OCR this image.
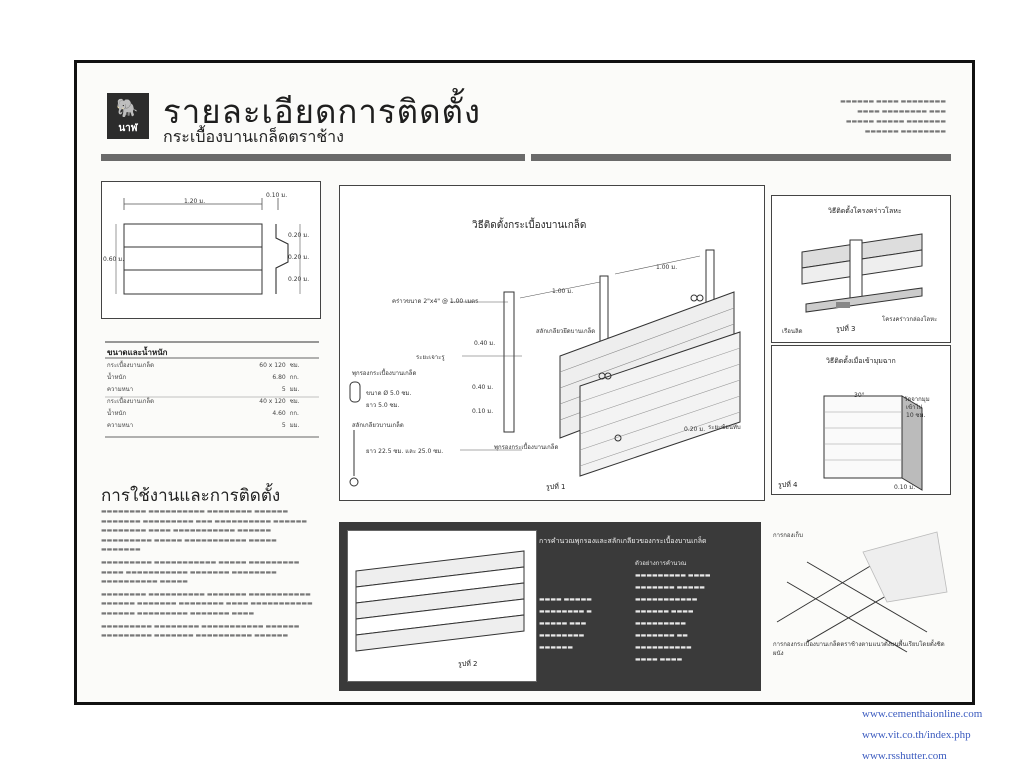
🐘
นาฬ รายละเอียดการติดตั้ง
กระเบื้องบานเกล็ดตราช้าง
▬▬▬▬▬▬ ▬▬▬▬ ▬▬▬▬▬▬▬▬
▬▬▬▬ ▬▬▬▬▬▬▬▬ ▬▬▬
▬▬▬▬▬ ▬▬▬▬▬ ▬▬▬▬▬▬▬
▬▬▬▬▬▬ ▬▬▬▬▬▬▬▬
1.20 ม.
0.10 ม.
0.20 ม.
0.20 ม.
0.20 ม.
0.60 ม.
ขนาดและน้ำหนัก
กระเบื้องบานเกล็ด	60 x 120	ซม.
น้ำหนัก	6.80	กก.
ความหนา	5	มม.
กระเบื้องบานเกล็ด	40 x 120	ซม.
น้ำหนัก	4.60	กก.
ความหนา	5	มม.
การใช้งานและการติดตั้ง

▬▬▬▬▬▬▬▬ ▬▬▬▬▬▬▬▬▬▬ ▬▬▬▬▬▬▬▬ ▬▬▬▬▬▬ ▬▬▬▬▬▬▬ ▬▬▬▬▬▬▬▬▬ ▬▬▬ ▬▬▬▬▬▬▬▬▬▬ ▬▬▬▬▬▬ ▬▬▬▬▬▬▬▬ ▬▬▬▬ ▬▬▬▬▬▬▬▬▬▬▬ ▬▬▬▬▬▬ ▬▬▬▬▬▬▬▬▬ ▬▬▬▬▬ ▬▬▬▬▬▬▬▬▬▬▬ ▬▬▬▬▬ ▬▬▬▬▬▬▬

▬▬▬▬▬▬▬▬▬ ▬▬▬▬▬▬▬▬▬▬▬ ▬▬▬▬▬ ▬▬▬▬▬▬▬▬▬ ▬▬▬▬ ▬▬▬▬▬▬▬▬▬▬▬ ▬▬▬▬▬▬▬ ▬▬▬▬▬▬▬▬ ▬▬▬▬▬▬▬▬▬▬ ▬▬▬▬▬

▬▬▬▬▬▬▬▬ ▬▬▬▬▬▬▬▬▬▬ ▬▬▬▬▬▬▬ ▬▬▬▬▬▬▬▬▬▬▬ ▬▬▬▬▬▬ ▬▬▬▬▬▬▬ ▬▬▬▬▬▬▬▬ ▬▬▬▬ ▬▬▬▬▬▬▬▬▬▬▬ ▬▬▬▬▬▬ ▬▬▬▬▬▬▬▬▬ ▬▬▬▬▬▬▬ ▬▬▬▬

▬▬▬▬▬▬▬▬▬ ▬▬▬▬▬▬▬▬ ▬▬▬▬▬▬▬▬▬▬▬ ▬▬▬▬▬▬ ▬▬▬▬▬▬▬▬▬ ▬▬▬▬▬▬▬ ▬▬▬▬▬▬▬▬▬▬ ▬▬▬▬▬▬

วิธีติดตั้งกระเบื้องบานเกล็ด
คร่าวขนาด 2"x4" @ 1.00 เมตร
1.00 ม.
1.00 ม.
สลักเกลียวยึดบานเกล็ด
0.40 ม.
ระยะเจาะรู
0.40 ม.
0.10 ม.
พุกรองกระเบื้องบานเกล็ด
ขนาด Ø 5.0 ซม.
ยาว 5.0 ซม.
สลักเกลียวบานเกล็ด
ยาว 22.5 ซม. และ 25.0 ซม.
0.20 ม. ระยะซ้อนทับ
พุกรองกระเบื้องบานเกล็ด
รูปที่ 1
วิธีติดตั้งโครงคร่าวโลหะ
โครงคร่าวกล่องโลหะ
เรือนลิด	รูปที่ 3
วิธีติดตั้งเมื่อเข้ามุมฉาก
30°
วัดจากมุม
เข้าไป
10 ซม.
0.10 ม.
รูปที่ 4
รูปที่ 2
การคำนวณพุกรองและสลักเกลียวของกระเบื้องบานเกล็ด
ตัวอย่างการคำนวณ
▬▬▬▬ ▬▬▬▬▬
▬▬▬▬▬▬▬▬ ▬
▬▬▬▬▬ ▬▬▬
▬▬▬▬▬▬▬▬
▬▬▬▬▬▬
▬▬▬▬▬▬▬▬▬ ▬▬▬▬
▬▬▬▬▬▬▬ ▬▬▬▬▬
▬▬▬▬▬▬▬▬▬▬▬
▬▬▬▬▬▬ ▬▬▬▬
▬▬▬▬▬▬▬▬▬
▬▬▬▬▬▬▬ ▬▬
▬▬▬▬▬▬▬▬▬▬
▬▬▬▬ ▬▬▬▬
การกองเก็บ
การกองกระเบื้องบานเกล็ดตราช้างตามแนวตั้งบนพื้นเรียบโดยตั้งชิดผนัง
www.cementhaionline.com
www.vit.co.th/index.php
www.rsshutter.com
